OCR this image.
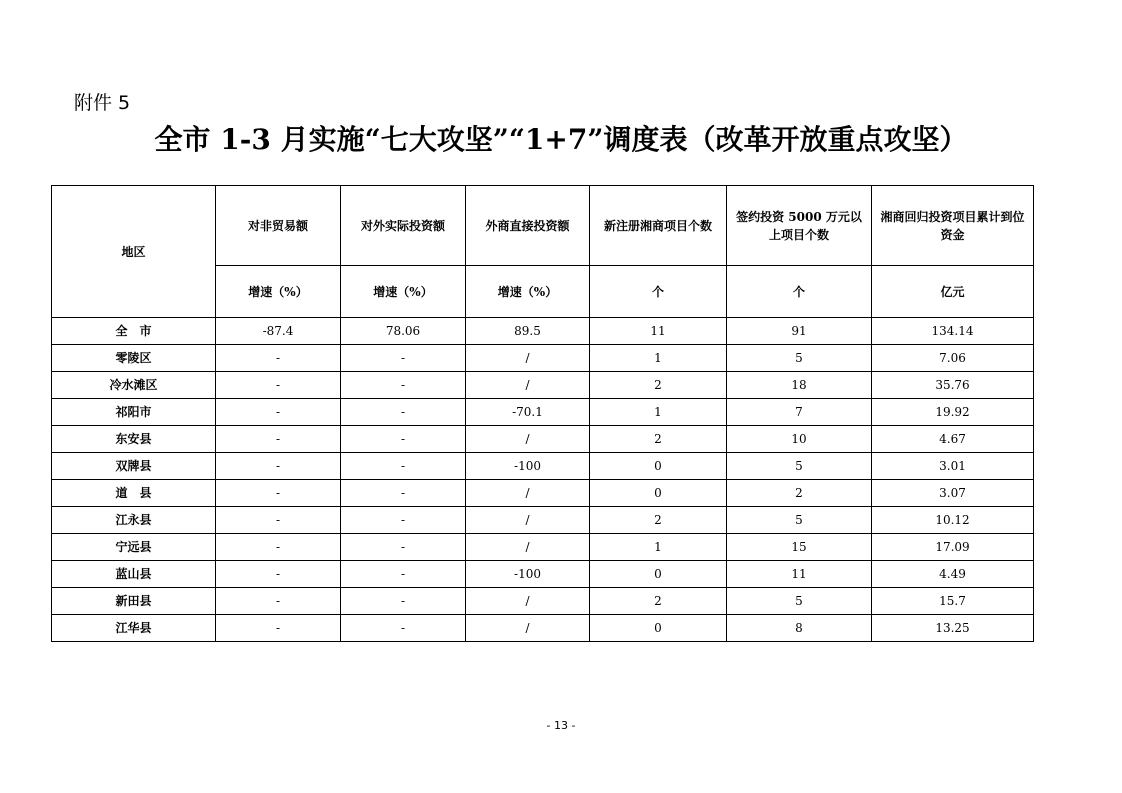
附件 5
全市 1-3 月实施“七大攻坚”“1+7”调度表（改革开放重点攻坚）
地区	对非贸易额	对外实际投资额	外商直接投资额	新注册湘商项目个数	签约投资 5000 万元以上项目个数	湘商回归投资项目累计到位资金
	增速（%）	增速（%）	增速（%）	个	个	亿元
全　市	-87.4	78.06	89.5	11	91	134.14
零陵区	-	-	/	1	5	7.06
冷水滩区	-	-	/	2	18	35.76
祁阳市	-	-	-70.1	1	7	19.92
东安县	-	-	/	2	10	4.67
双牌县	-	-	-100	0	5	3.01
道　县	-	-	/	0	2	3.07
江永县	-	-	/	2	5	10.12
宁远县	-	-	/	1	15	17.09
蓝山县	-	-	-100	0	11	4.49
新田县	-	-	/	2	5	15.7
江华县	-	-	/	0	8	13.25
- 13 -
